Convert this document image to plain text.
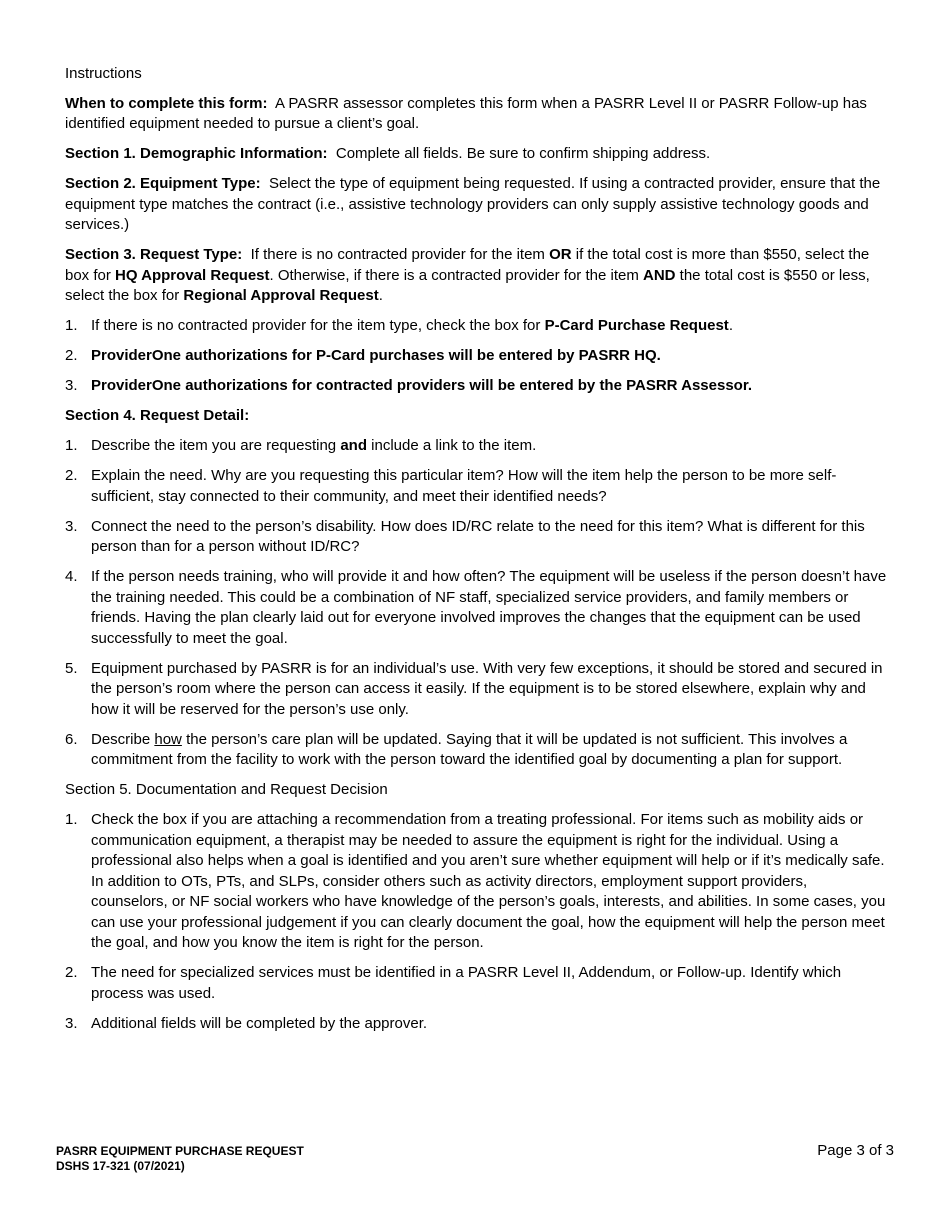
Instructions

When to complete this form: A PASRR assessor completes this form when a PASRR Level II or PASRR Follow-up has identified equipment needed to pursue a client’s goal.

Section 1. Demographic Information: Complete all fields. Be sure to confirm shipping address.

Section 2. Equipment Type: Select the type of equipment being requested. If using a contracted provider, ensure that the equipment type matches the contract (i.e., assistive technology providers can only supply assistive technology goods and services.)

Section 3. Request Type: If there is no contracted provider for the item OR if the total cost is more than $550, select the box for HQ Approval Request. Otherwise, if there is a contracted provider for the item AND the total cost is $550 or less, select the box for Regional Approval Request.

1. If there is no contracted provider for the item type, check the box for P-Card Purchase Request.
2. ProviderOne authorizations for P-Card purchases will be entered by PASRR HQ.
3. ProviderOne authorizations for contracted providers will be entered by the PASRR Assessor.

Section 4. Request Detail:

1. Describe the item you are requesting and include a link to the item.
2. Explain the need. Why are you requesting this particular item? How will the item help the person to be more self-sufficient, stay connected to their community, and meet their identified needs?
3. Connect the need to the person’s disability. How does ID/RC relate to the need for this item? What is different for this person than for a person without ID/RC?
4. If the person needs training, who will provide it and how often? The equipment will be useless if the person doesn’t have the training needed. This could be a combination of NF staff, specialized service providers, and family members or friends. Having the plan clearly laid out for everyone involved improves the changes that the equipment can be used successfully to meet the goal.
5. Equipment purchased by PASRR is for an individual’s use. With very few exceptions, it should be stored and secured in the person’s room where the person can access it easily. If the equipment is to be stored elsewhere, explain why and how it will be reserved for the person’s use only.
6. Describe how the person’s care plan will be updated. Saying that it will be updated is not sufficient. This involves a commitment from the facility to work with the person toward the identified goal by documenting a plan for support.

Section 5. Documentation and Request Decision

1. Check the box if you are attaching a recommendation from a treating professional. For items such as mobility aids or communication equipment, a therapist may be needed to assure the equipment is right for the individual. Using a professional also helps when a goal is identified and you aren’t sure whether equipment will help or if it’s medically safe. In addition to OTs, PTs, and SLPs, consider others such as activity directors, employment support providers, counselors, or NF social workers who have knowledge of the person’s goals, interests, and abilities. In some cases, you can use your professional judgement if you can clearly document the goal, how the equipment will help the person meet the goal, and how you know the item is right for the person.
2. The need for specialized services must be identified in a PASRR Level II, Addendum, or Follow-up. Identify which process was used.
3. Additional fields will be completed by the approver.
PASRR EQUIPMENT PURCHASE REQUEST
DSHS 17-321 (07/2021)
Page 3 of 3
